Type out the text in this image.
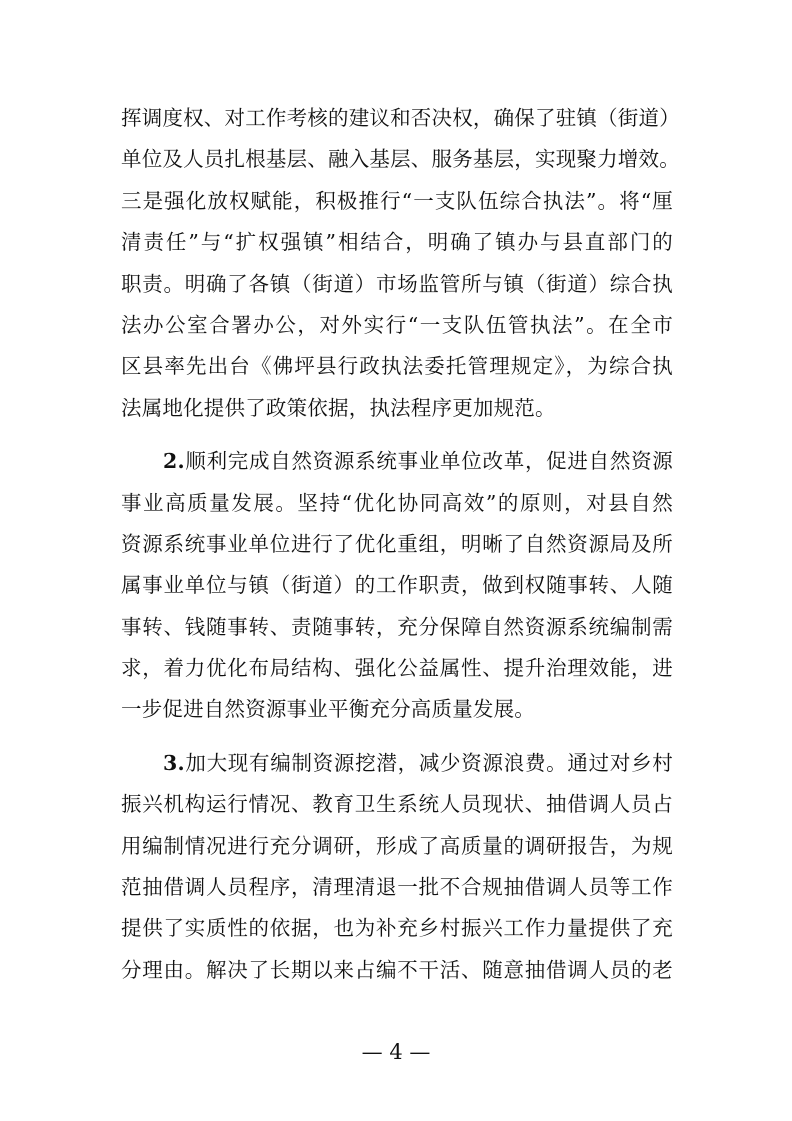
挥调度权、对工作考核的建议和否决权，确保了驻镇（街道）
单位及人员扎根基层、融入基层、服务基层，实现聚力增效。
三是强化放权赋能，积极推行“一支队伍综合执法”。将“厘
清责任”与“扩权强镇”相结合，明确了镇办与县直部门的
职责。明确了各镇（街道）市场监管所与镇（街道）综合执
法办公室合署办公，对外实行“一支队伍管执法”。在全市
区县率先出台《佛坪县行政执法委托管理规定》，为综合执
法属地化提供了政策依据，执法程序更加规范。
2.顺利完成自然资源系统事业单位改革，促进自然资源
事业高质量发展。坚持“优化协同高效”的原则，对县自然
资源系统事业单位进行了优化重组，明晰了自然资源局及所
属事业单位与镇（街道）的工作职责，做到权随事转、人随
事转、钱随事转、责随事转，充分保障自然资源系统编制需
求，着力优化布局结构、强化公益属性、提升治理效能，进
一步促进自然资源事业平衡充分高质量发展。
3.加大现有编制资源挖潜，减少资源浪费。通过对乡村
振兴机构运行情况、教育卫生系统人员现状、抽借调人员占
用编制情况进行充分调研，形成了高质量的调研报告，为规
范抽借调人员程序，清理清退一批不合规抽借调人员等工作
提供了实质性的依据，也为补充乡村振兴工作力量提供了充
分理由。解决了长期以来占编不干活、随意抽借调人员的老
— 4 —
